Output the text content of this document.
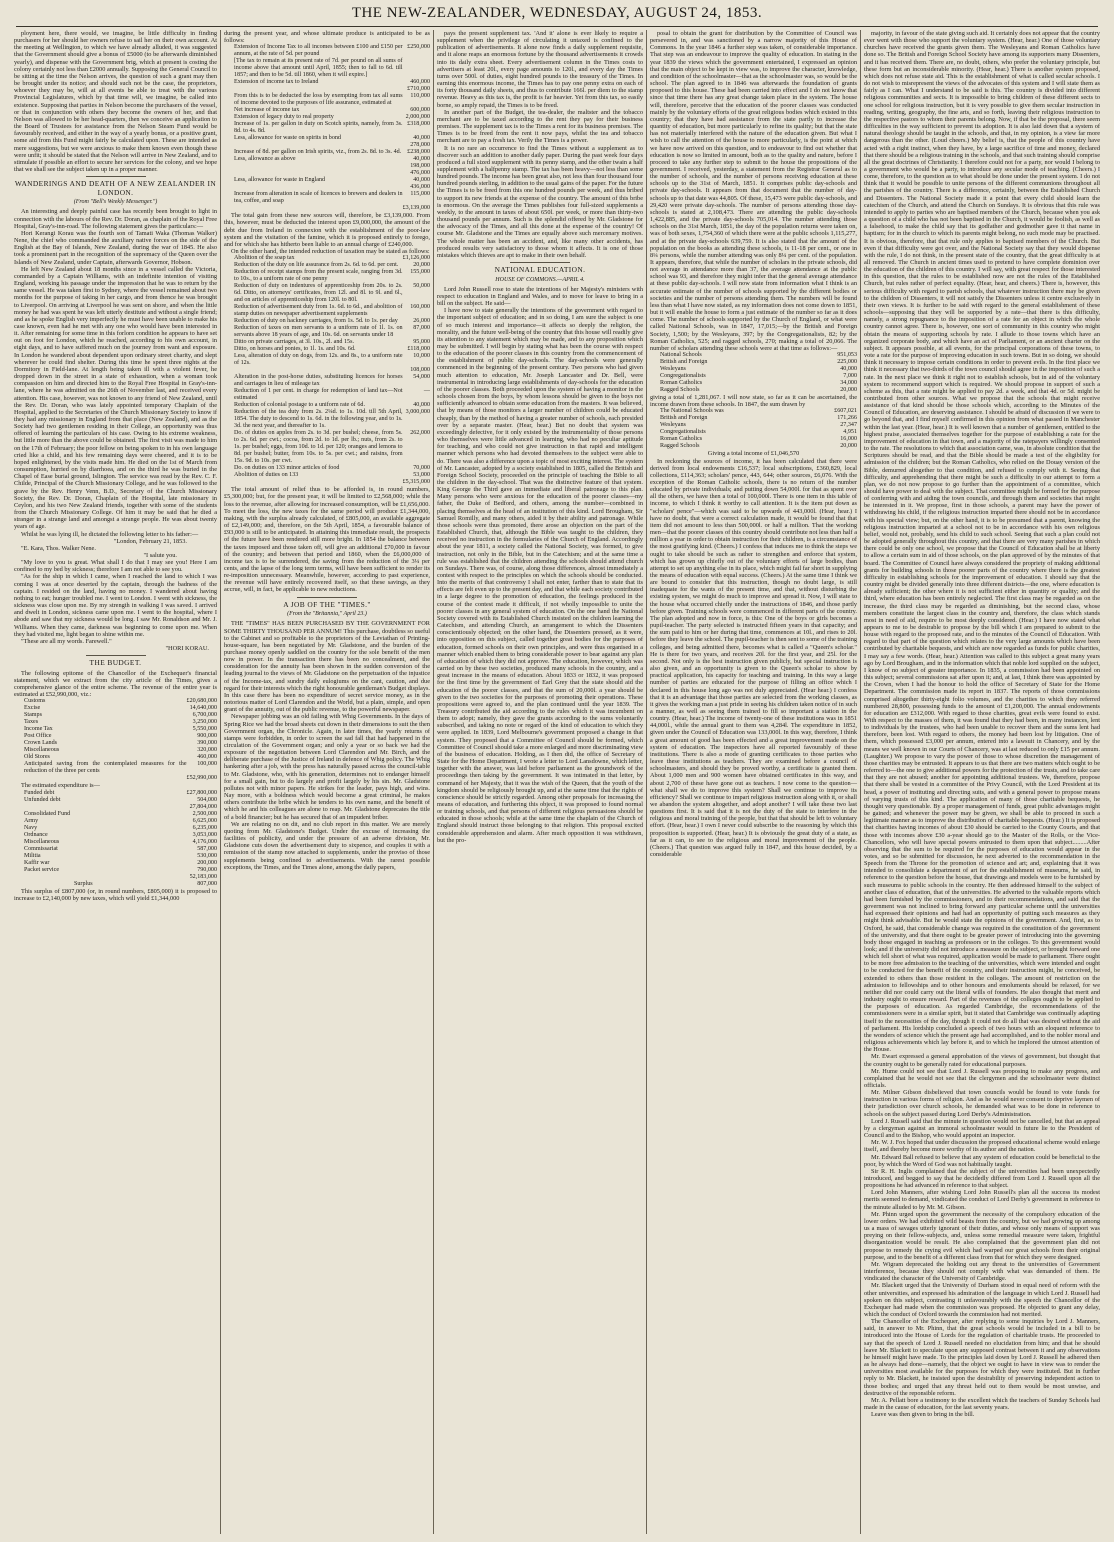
THE NEW-ZEALANDER, WEDNESDAY, AUGUST 24, 1853.

ployment here, there would, we imagine, be little difficulty in finding purchasers for her should her owners refuse to sail her on their own account. At the meeting at Wellington, to which we have already alluded, it was suggested that the Government should give a bonus of £5000 (to be afterwards diminished yearly), and dispense with the Government brig, which at present is costing the colony certainly not less than £2000 annually. Supposing the General Council to be sitting at the time the Nelson arrives, the question of such a grant may then be brought under its notice; and should such not be the case, the proprietors, whoever they may be, will at all events be able to treat with the various Provincial Legislatures, which by that time will, we imagine, be called into existence. Supposing that parties in Nelson become the purchasers of the vessel, or that in conjunction with others they become the owners of her, and that Nelson was allowed to be her head-quarters, then we conceive an application to the Board of Trustees for assistance from the Nelson Steam Fund would be favourably received, and either in the way of a yearly bonus, or a positive grant, some aid from this Fund might fairly be calculated upon. These are intended as mere suggestions, but we were anxious to make them known even though these were unfit; it should be stated that the Nelson will arrive in New Zealand, and to stimulate if possible an effort to secure her services for the colony, and we hope that we shall see the subject taken up in a proper manner.

WANDERINGS AND DEATH OF A NEW ZEALANDER IN LONDON.
(From "Bell's Weekly Messenger.")

An interesting and deeply painful case has recently been brought to light in connection with the labours of the Rev. Dr. Doran, as chaplain of the Royal Free Hospital, Gray's-inn-road. The following statement gives the particulars:—

Hori Kerangi Korau was the fourth son of Tamati Waka (Thomas Walker) Nene, the chief who commanded the auxiliary native forces on the side of the English at the Bay of Islands, New Zealand, during the war of 1845. He also took a prominent part in the recognition of the supremacy of the Queen over the Islands of New Zealand, under Captain, afterwards Governor, Hobson.

He left New Zealand about 18 months since in a vessel called the Victoria, commanded by a Captain Williams, with an indefinite intention of visiting England, working his passage under the impression that he was to return by the same vessel. He was taken first to Sydney, where the vessel remained about two months for the purpose of taking in her cargo, and from thence he was brought to Liverpool. On arriving at Liverpool he was sent on shore, and when the little money he had was spent he was left utterly destitute and without a single friend; and as he spoke English very imperfectly he must have been unable to make his case known, even had he met with any one who would have been interested in it. After remaining for some time in this forlorn condition he appears to have set out on foot for London, which he reached, according to his own account, in eight days, and to have suffered much on the journey from want and exposure. In London he wandered about dependent upon ordinary street charity, and slept wherever he could find shelter. During this time he spent three nights at the Dormitory in Field-lane. At length being taken ill with a violent fever, he dropped down in the street in a state of exhaustion, when a woman took compassion on him and directed him to the Royal Free Hospital in Gray's-inn-lane, where he was admitted on the 26th of November last, and received every attention. His case, however, was not known to any friend of New Zealand, until the Rev. Dr. Doran, who was lately appointed temporary Chaplain of the Hospital, applied to the Secretaries of the Church Missionary Society to know if they had any missionary in England from that place (New Zealand), and as the Society had two gentlemen residing in their College, an opportunity was thus offered of learning the particulars of his case. Owing to his extreme weakness, but little more than the above could be obtained. The first visit was made to him on the 17th of February; the poor fellow on being spoken to in his own language cried like a child, and his few remaining days were cheered, and it is to be hoped enlightened, by the visits made him. He died on the 1st of March from consumption, hurried on by diarrhoea, and on the third he was buried in the Chapel of Ease burial ground, Islington. The service was read by the Rev. C. F. Childe, Principal of the Church Missionary College, and he was followed to the grave by the Rev. Henry Venn, B.D., Secretary of the Church Missionary Society, the Rev. Dr. Doran, Chaplain of the Hospital, late missionary in Ceylon, and his two New Zealand friends, together with some of the students from the Church Missionary College. Of him it may be said that he died a stranger in a strange land and amongst a strange people. He was about twenty years of age.

Whilst he was lying ill, he dictated the following letter to his father:—

"London, February 21, 1853.

"E. Kara, Thos. Walker Nene.

"I salute you.

"My love to you is great. What shall I do that I may see you! Here I am confined to my bed by sickness; therefore I am not able to see you.

"As for the ship in which I came, when I reached the land to which I was coming I was at once deserted by the captain, through the badness of the captain. I resided on the land, having no money. I wandered about having nothing to eat; hunger troubled me. I went to London. I went with sickness, the sickness was close upon me. By my strength in walking I was saved. I arrived and dwelt in London, sickness came upon me. I went to the hospital, where I abode and saw that my sickness would be long. I saw Mr. Ronaldson and Mr. J. Williams. When they came, darkness was beginning to come upon me. When they had visited me, light began to shine within me.

"These are all my words. Farewell."

"HORI KORAU.
THE BUDGET.

The following epitome of the Chancellor of the Exchequer's financial statement, which we extract from the city article of the Times, gives a comprehensive glance of the entire scheme. The revenue of the entire year is estimated at £52,990,000, viz.:

Customs	£20,680,000
Excise	14,640,000
Stamps	6,700,000
Taxes	3,250,000
Income Tax	5,550,000
Post Office	900,000
Crown Lands	390,000
Miscellaneous	320,000
Old Stores	460,000
Anticipated saving from the contemplated measures for the reduction of the three per cents	100,000
	£52,990,000

The estimated expenditure is—

Funded debt	£27,800,000
Unfunded debt	504,000
	27,804,000
Consolidated Fund	2,500,000
Army	6,625,000
Navy	6,235,000
Ordnance	3,053,000
Miscellaneous	4,176,000
Commissariat	587,000
Militia	530,000
Kaffir war	200,000
Packet service	790,000
	52,183,000
Surplus	807,000

This surplus of £807,000 (or, in round numbers, £805,000) it is proposed to increase to £2,140,000 by new taxes, which will yield £1,344,000

during the present year, and whose ultimate produce is anticipated to be as follows:

Extension of Income Tax to all incomes between £100 and £150 per annum, at the rate of 5d. per pound	£250,000
[The tax to remain at its present rate of 7d. per pound on all sums of income above that amount until April, 1855; then to fall to 6d. till 1857; and then to be 5d. till 1860, when it will expire.]	
Extension of income tax to Ireland	460,000
	£710,000
From this is to be deducted the loss by exempting from tax all sums of income devoted to the purposes of life assurance, estimated at	110,000
Net increase of income tax	600,000
Extension of legacy duty to real property	2,000,000
Increase of 1s. per gallon in duty on Scotch spirits, namely, from 3s. 8d. to 4s. 8d.	£318,000
Less, allowance for waste on spirits in bond	40,000
	278,000
Increase of 8d. per gallon on Irish spirits, viz., from 2s. 8d. to 3s. 4d.	£238,000
Less, allowance as above	40,000
	198,000
	476,000
Less, allowance for waste in England	40,000
	436,000
Increase from alteration in scale of licences to brewers and dealers in tea, coffee, and soap	115,000
	£3,139,000

The total gain from these new sources will, therefore, be £3,139,000. From this, however, must be deducted the interest upon £9,000,000, the amount of the debt due from Ireland in connexion with the establishment of the poor-law system and the visitation of the famine, which it is proposed entirely to forego, and for which she has hitherto been liable to an annual charge of £240,000.

On the other hand, the intended reduction of taxation may be stated as follows:

Abolition of the soap tax	£1,126,000
Reduction of the duty on life assurance from 2s. 6d. to 6d. per cent.	20,000
Reduction of receipt stamps from the present scale, ranging from 3d. to 10s., to a uniform rate of one penny	155,000
Reduction of duty on indentures of apprenticeship from 20s. to 2s. 6d. Ditto, on attorneys' certificates, from 12l. and 8l. to 9l. and 6l., and on articles of apprenticeship from 120l. to 80l.	50,000
Reduction of advertisement duty from 1s. 6d. to 6d., and abolition of stamp duties on newspaper advertisement supplements	160,000
Reduction of duty on hackney carriages, from 1s. 5d. to 1s. per day	26,000
Reduction of taxes on men servants to a uniform rate of 1l. 1s. on servants above 18 years of age, and 10s. 6d. on servants under 18	87,000
Ditto on private carriages, at 3l. 10s., 2l. and 15s.	95,000
Ditto, on horses and ponies, to 1l. 1s. and 10s. 6d.	£118,000
Less, alteration of duty on dogs, from 12s. and 8s., to a uniform rate of 12s.	10,000
	108,000
Alteration in the post-horse duties, substituting licences for horses and carriages in lieu of mileage tax	54,000
Reduction of 1 per cent. in charge for redemption of land tax—Not estimated	—
Reduction of colonial postage to a uniform rate of 6d.	40,000
Reduction of the tea duty from 2s. 2¼d. to 1s. 10d. till 5th April, 1854. The duty to descend to 1s. 6d. in the following year, and to 1s. 3d. the next year, and thereafter to 1s.	3,000,000
Do. of duties on apples from 2s. to 3d. per bushel; cheese, from 5s. to 2s. 6d. per cwt.; cocoa, from 2d. to 1d. per lb.; nuts, from 2s. to 1s. per bushel; eggs, from 10d. to 1d. per 120; oranges and lemons to 8d. per bushel; butter, from 10s. to 5s. per cwt.; and raisins, from 15s. 9d. to 10s. per cwt.	262,000
Do. on duties on 133 minor articles of food	70,000
Abolition of duties on 133	53,000
	£5,315,000

The total amount of relief thus to be afforded is, in round numbers, £5,300,000; but, for the present year, it will be limited to £2,568,000; while the loss to the revenue, after allowing for increased consumption, will be £1,656,000. To meet the loss, the new taxes for the same period will produce £1,344,000, making, with the surplus already calculated, of £805,000, an available aggregate of £2,149,000; and, therefore, on the 5th April, 1854, a favourable balance of £93,000 is still to be anticipated. In attaining this immediate result, the prospects of the future have been rendered still more bright. In 1854 the balance between the taxes imposed and those taken off, will give an additional £70,000 in favour of the country; and between that period and 1860, when the £6,000,000 of income tax is to be surrendered, the saving from the reduction of the 3¼ per cents, and the lapse of the long term terms, will have been sufficient to render its re-imposition unnecessary. Meanwhile, however, according to past experience, the revenue will have entirely recovered itself, so that these savings, as they accrue, will, in fact, be applicable to new reductions.

A JOB OF THE "TIMES."
(From the "Britannia," April 23.)

THE "TIMES" HAS BEEN PURCHASED BY THE GOVERNMENT FOR SOME THIRTY THOUSAND PER ANNUM! This purchase, doubtless so useful to the Cabinet and so profitable to the proprietors of the Leviathan of Printing-house-square, has been negotiated by Mr. Gladstone, and the burden of the purchase money openly saddled on the country for the sole benefit of the men now in power. In the transaction there has been no concealment, and the consideration for the annuity has been shown in the sudden conversion of the leading journal to the views of Mr. Gladstone on the perpetuation of the injustice of the Income-tax, and sundry daily eulogiums on the cant, caution, and due regard for their interests which the right honourable gentleman's Budget displays. In this case there has been no expenditure of secret service money, as in the notorious matter of Lord Clarendon and the World, but a plain, simple, and open grant of the annuity, out of the public revenue, to the powerful newspaper.

Newspaper jobbing was an old failing with Whig Governments. In the days of Spring Rice we had the broad sheets cut down in their dimensions to suit the then Government organ, the Chronicle. Again, in later times, the yearly returns of stamps were forbidden, in order to screen the sad fall that had happened in the circulation of the Government organ; and only a year or so back we had the exposure of the negotiation between Lord Clarendon and Mr. Birch, and the deliberate purchase of the Justice of Ireland in defence of Whig policy. The Whig hankering after a job, with the press has naturally passed across the council-table to Mr. Gladstone, who, with his generation, determines not to endanger himself for a small gain, but to do largely and profit largely by his sin. Mr. Gladstone pollutes not with minor papers. He strikes for the leader, pays high, and wins. Nay more, with a boldness which would become a great criminal, he makes others contribute the bribe which he tenders to his own name, and the benefit of which he and his colleagues are alone to reap. Mr. Gladstone deprecates the title of a bold financier; but he has secured that of an impudent briber.

We are relating no on dit, and no club report in this matter. We are merely quoting from Mr. Gladstone's Budget. Under the excuse of increasing the facilities of publicity, and under the pressure of an adverse division, Mr. Gladstone cuts down the advertisement duty to sixpence, and couples it with a remission of the stamp now attached to supplements, under the proviso of those supplements being confined to advertisements. With the rarest possible exceptions, the Times, and the Times alone, among the daily papers,

pays the present supplement tax. 'And it' alone is ever likely to require a supplement when the privilege of circulating it untaxed is confined to the publication of advertisements. It alone now finds a daily supplement requisite, and it alone reaps an enormous fortune by the thousand advertisements it crowds into its daily extra sheet. Every advertisement column in the Times costs to advertisers at least 20l., every page amounts to 120l., and every day the Times turns over 500l. of duties, eight hundred pounds to the treasury of the Times. In earning this enormous income, the Times has to pay one penny extra on each of its forty thousand daily sheets, and thus to contribute 166l. per diem to the stamp revenue. Heavy as this tax is, the profit is far heavier. Yet from this tax, so easily borne, so amply repaid, the Times is to be freed.

In another part of the Budget, the tea-dealer, the maltster and the tobacco merchant are to be taxed according to the rent they pay for their business premises. The supplement tax is to the Times a rent for its business premises. The Times is to be freed from the rent it now pays, whilst the tea and tobacco merchant are to pay a fresh tax. Verily the Times is a power.

It is no rare an occurrence to find the Times without a supplement as to discover such an addition to another daily paper. During the past week four days produced a full sized supplement with its penny stamp, and the other twain a half supplement with a halfpenny stamp. The tax has been heavy—not less than some hundred pounds. The income has been great also, not less than four thousand four hundred pounds sterling, in addition to the usual gains of the paper. For the future the Times is to be freed from this one hundred pounds per week, and thus bribed to support its new friends at the expense of the country. The amount of this bribe is enormous. On the average the Times publishes four full-sized supplements a weekly, to the amount in taxes of about 650l. per week, or more than thirty-two thousand pounds per annum. Such is the splendid offered by Mr. Gladstone for the advocacy of the Times, and all this done at the expense of the country! Of course Mr. Gladstone and the Times are equally above such mercenary motives. The whole matter has been an accident, and, like many other accidents, has produced results very satisfactory to those whom it affects. It is one of those mistakes which thieves are apt to make in their own behalf.

NATIONAL EDUCATION.
HOUSE OF COMMONS.—APRIL 4.

Lord John Russell rose to state the intentions of her Majesty's ministers with respect to education in England and Wales, and to move for leave to bring in a bill on the subject. He said—

I have now to state generally the intentions of the government with regard to the important subject of education; and in so doing, I am sure the subject is one of so much interest and importance—it affects so deeply the religion, the morality, and the future well-being of the country that this house will readily give its attention to any statement which may be made, and to any proposition which may be submitted. I will begin by stating what has been the course with respect to the education of the poorer classes in this country from the commencement of the establishment of public day-schools. The day-schools were generally commenced in the beginning of the present century. Two persons who had given much attention to education, Mr. Joseph Lancaster and Dr. Bell, were instrumental in introducing large establishments of day-schools for the education of the poorer classes. Both proceeded upon the system of having a monitor in the schools chosen from the boys, by whom lessons should be given to the boys not sufficiently advanced to obtain some education from the masters. It was believed, that by means of those monitors a larger number of children could be educated cheaply, than by the method of having a greater number of schools, each presided over by a separate master. (Hear, hear.) But no doubt that system was exceedingly defective, for it only existed by the instrumentality of those persons who themselves were little advanced in learning, who had no peculiar aptitude for teaching, and who could not give instruction in that rapid and intelligent manner which persons who had devoted themselves to the subject were able to do. There was also a difference upon a topic of most exciting interest. The system of Mr. Lancaster, adopted by a society established in 1805, called the British and Foreign School Society, proceeded on the principle of teaching the Bible to all the children in the day-school. That was the distinctive feature of that system. King George the Third gave an immediate and liberal patronage to this plan. Many persons who were anxious for the education of the poorer classes—my father, the Duke of Bedford, and others, among the number—combined in placing themselves at the head of an institution of this kind. Lord Brougham, Sir Samuel Romilly, and many others, aided it by their ability and patronage. While those schools were thus promoted, there arose an objection on the part of the Established Church, that, although the Bible was taught to the children, they received no instruction in the formularies of the Church of England. Accordingly about the year 1811, a society called the National Society, was formed, to give instruction, not only in the Bible, but in the Catechism; and at the same time a rule was established that the children attending the schools should attend church on Sundays. There was, of course, along those differences, almost immediately a contest with respect to the principles on which the schools should be conducted. Into the merits of that controversy I shall not enter, farther than to state that its effects are felt even up to the present day, and that while each society contributed in a large degree to the promotion of education, the feelings produced in the course of the contest made it difficult, if not wholly impossible to unite the poorer classes in any general system of education. On the one hand the National Society covered with its Established Church insisted on the children learning the Catechism, and attending Church, an arrangement to which the Dissenters conscientiously objected; on the other hand, the Dissenters pressed, as it were, into opposition on this subject, called together great bodies for the purposes of education, formed schools on their own principles, and were thus organised in a manner which enabled them to bring considerable power to bear against any plan of education of which they did not approve. The education, however, which was carried on by these two societies, produced many schools in the country, and a great increase in the means of education. About 1833 or 1832, it was proposed for the first time by the government of Earl Grey that the state should aid the education of the poorer classes, and that the sum of 20,000l. a year should be given to the two societies for the purposes of promoting their operations. These propositions were agreed to, and the plan continued until the year 1839. The Treasury contributed the aid according to the rules which it was incumbent on them to adopt; namely, they gave the grants according to the sums voluntarily subscribed, and taking no note or regard of the kind of education to which they were applied. In 1839, Lord Melbourne's government proposed a change in that system. They proposed that a Committee of Council should be formed, which Committee of Council should take a more enlarged and more discriminating view of the business of education. Holding, as I then did, the office of Secretary of State for the Home Department, I wrote a letter to Lord Lansdowne, which letter, together with the answer, was laid before parliament as the groundwork of the proceedings then taking by the government. It was intimated in that letter, by command of her Majesty, that it was the wish of the Queen, that the youth of the kingdom should be religiously brought up, and at the same time that the rights of conscience should be strictly regarded. Among other proposals for increasing the means of education, and furthering this object, it was proposed to found normal or training schools, and that persons of different religious persuasions should be educated in those schools; while at the same time the chaplain of the Church of England should instruct those belonging to that religion. This proposal excited considerable apprehension and alarm. After much opposition it was withdrawn, but the pro-

posal to obtain the grant for distribution by the Committee of Council was persevered in, and was sanctioned by a narrow majority of this House of Commons. In the year 1846 a further step was taken, of considerable importance. That step was an endeavour to improve the quality of education. In stating in the year 1839 the views which the government entertained, I expressed an opinion that the main object to be kept in view was, to improve the character, knowledge, and condition of the schoolmaster—that as the schoolmaster was, so would be the school. The plan agreed to in 1846 was afterwards the foundation of grants proposed to this house. These had been carried into effect and I do not know that since that time there has any great change taken place in the system. The house will, therefore, perceive that the education of the poorer classes was conducted mainly by the voluntary efforts of the great religious bodies which existed in this country; that they have had assistance from the state partly to increase the quantity of education, but more particularly to refine its quality; but that the state has not materially interfered with the nature of the education given. But what I wish to call the attention of the house to more particularly, is the point at which we have now arrived on this question, and to endeavour to find out whether that education is now so limited in amount, both as to the quality and nature, before I proceed to take any further step to submit to the house the propositions of the government. I received, yesterday, a statement from the Registrar General as to the number of schools, and the number of persons receiving education at these schools up to the 31st of March, 1851. It comprises public day-schools and private day-schools. It appears from that document that the number of day-schools up to that date was 44,805. Of these, 15,473 were public day-schools, and 29,420 were private day-schools. The number of persons attending those day-schools is stated at 2,108,473. There are attending the public day-schools 1,422,885, and the private day-schools 705,014. The number attending those schools on the 31st March, 1851, the day of the population returns were taken on, was of both sexes, 1,754,360 of which there were at the public schools 1,115,277, and at the private day-schools 639,759. It is also stated that the amount of the population on the books as attending these schools, is 11-18 per cent., or one in 8¼ persons, while the number attending was only 8¼ per cent. of the population. It appears, therefore, that while the number of scholars in the private schools, did not average in attendance more than 37, the average attendance at the public school was 93, and therefore they might infer that the general average attendance at these public day-schools. I will now state from information what I think is an accurate estimate of the number of schools supported by the different bodies or societies and the number of persons attending them. The numbers will be found less than what I have now stated, as my information does not come down to 1851, but it will enable the house to form a just estimate of the number so far as it does come. The number of schools supported by the Church of England, or what were called National Schools, was in 1847, 17,015;—by the British and Foreign Society, 1,500; by the Wesleyans, 397; by the Congregationalists, 82; by the Roman Catholics, 525; and ragged schools, 270; making a total of 20,066. The number of scholars attending these schools were at that time as follows:—

National Schools	951,053
British and Foreign	225,000
Wesleyans	40,000
Congregationalists	7,000
Roman Catholics	34,000
Ragged Schools	20,000

giving a total of 1,281,067. I will now state, so far as it can be ascertained, the income drawn from these schools. In 1847, the sum drawn by

The National Schools was	£607,021
British and Foreign	171,266
Wesleyans	27,347
Congregationalists	4,951
Roman Catholics	16,000
Ragged Schools	20,000
Giving a total income of £1,046,570

In reckoning the sources of income, it has been calculated that there were derived from local endowments £16,537; local subscriptions, £360,829, local collections, £114,363; scholars' pence, 443, 644; other sources, £6,076. With the exception of the Roman Catholic schools, there is no return of the number educated by private individuals; and putting down 54,000l. for that as spent over all the others, we have then a total of 100,000l. There is one item in this table of income, to which I think it worthy to call attention. It is the item put down as "scholars' pence"—which was said to be upwards of 443,000l. (Hear, hear.) I have no doubt, that were a correct calculation made, it would be found that that item did not amount to less than 500,000l. or half a million. That the working men—that the poorer classes of this country should contribute not less than half a million a year in order to obtain instruction for their children, is a circumstance of the most gratifying kind. (Cheers.) I confess that induces me to think the steps we ought to take should be such as rather to strengthen and enforce that system, which has grown up chiefly out of the voluntary efforts of large bodies, than attempt to set up anything else in its place, which might fail far short in supplying the means of education with equal success. (Cheers.) At the same time I think we are bound to consider that this instruction, though no doubt large, is still inadequate for the wants of the present time, and that, without disturbing the existing system, we might do much to improve and spread it. Now, I will state to the house what occurred chiefly under the instructions of 1846, and those partly before given. Training schools were commenced in different parts of the country. The plan adopted and now in force, is this: One of the boys or girls becomes a pupil-teacher. The party selected is instructed fifteen years in that capacity; and the sum paid to him or her during that time, commences at 10l., and rises to 20l. before they leave the school. The pupil-teacher is then sent to some of the training colleges, and being admitted there, becomes what is called a "Queen's scholar." He is there for two years, and receives 20l. for the first year, and 25l. for the second. Not only is the best instruction given publicly, but special instruction is also given, and an opportunity is given to the Queen's scholar to show by practical application, his capacity for teaching and training. In this way a large number of parties are educated for the purpose of filling an office which I declared in this house long ago was not duly appreciated. (Hear hear.) I confess that it is an advantage that those parties are selected from the working classes, as it gives the working man a just pride in seeing his children taken notice of in such a manner, as well as seeing them trained to fill so important a station in the country. (Hear, hear.) The income of twenty-one of these institutions was in 1851 44,000l., while the annual grant to them was 4,284l. The expenditure in 1852, given under the Council of Education was 133,000l. In this way, therefore, I think a great amount of good has been effected and a great improvement made on the system of education. The inspectors have all reported favourably of these institutions. There is also a mode of granting certificates to those parties who leave these institutions as teachers. They are examined before a council of schoolmasters, and should they be proved worthy, a certificate is granted them. About 1,000 men and 900 women have obtained certificates in this way, and about 2,700 of these have gone out as teachers. I now come to the question—what shall we do to improve this system? Shall we continue to improve its efficiency? Shall we continue to impart religious instruction along with it, or shall we abandon the system altogether, and adopt another? I will take these two last questions first. It is said that it is not the duty of the state to interfere in the religious and moral training of the people, but that that should be left to voluntary effort. (Hear, hear.) I own I never could subscribe to the reasoning by which this proposition is supported. (Hear, hear.) It is obviously the great duty of a state, as far as it can, to see to the religious and moral improvement of the people. (Cheers.) That question was argued fully in 1847, and this house decided, by a considerable

majority, in favour of the state giving such aid. It certainly does not appear that the country ever went with those who support the voluntary system. (Hear, hear.) One of those voluntary churches have received the grants given them. The Wesleyans and Roman Catholics have done so. The British and Foreign School Society have among its supporters many Dissenters, and it has received them. There are, no doubt, others, who prefer the voluntary principle, but these form but an inconsiderable minority. (Hear, hear.) There is another system proposed, which does not refuse state aid. This is the establishment of what is called secular schools. I do not wish to misrepresent the views of the advocates of this system and I will state them as fairly as I can. What I understand to be said is this. The country is divided into different religious communities and sects. It is impossible to bring children of these different sects to one school for religious instruction, but it is very possible to give them secular instruction in reading, writing, geography, the fine arts, and so forth, leaving their religious instruction to the respective pastors to whom their parents belong. Now, if that be the proposal, there seem difficulties in the way sufficient to prevent its adoption. It is also laid down that a system of natural theology should be taught in the schools, and that, in my opinion, is a view far more dangerous than the other. (Loud cheers.) My belief is, that the people of this country have acted with a right instinct, when they have, by a large sacrifice of time and money, declared that there should be a religious training in the schools, and that such training should comprise all the great doctrines of Christianity. I therefore could not for a party, nor would I belong to a government who would be a party, to introduce any secular mode of teaching. (Cheers.) I come, therefore, to the question as to what should be done under the present system. I do not think that it would be possible to unite persons of the different communions throughout all the parishes of the country. There is a difference, certainly, between the Established Church and Dissenters. The National Society made it a point that every child should learn the catechism of the Church, and attend the Church on Sundays. It is obvious that this rule was intended to apply to parties who are baptised members of the Church, because when you ask a question of a child who has not been baptised in the Church, it would be foolish, as well as a falsehood, to make the child say that its godfather and godmother gave it that name in baptism; for in the church to which its parents might belong, no such mode may be practised. It is obvious, therefore, that that rule only applies to baptised members of the Church. But even if that difficulty were got over, and the National Society say that they would dispense with the rule, I do not think, in the present state of the country, that the great difficulty is at all removed. The Church in ancient times used to pretend to have complete dominion over the education of the children of this country. I will say, with great respect for those interested in this question, that the rules to be established now are not the rules of the Established Church, but rules rather of perfect equality. (Hear, hear, and cheers.) There is, however, this serious difficulty with regard to parish schools, that whatever instruction there may be given to the children of Dissenters, it will not satisfy the Dissenters unless it centre exclusively in their own views. It is further to be said with regard to the general establishment of these schools—supposing that they will be supported by a rate—that there is this difficulty, namely, a strong repugnance to the imposition of a rate for an object in which the whole country cannot agree. There is, however, one sort of community in this country who might obtain the means of supporting schools by rate. I allude to those towns which have an organized corporate body, and which have an act of Parliament, or an ancient charter on the subject. It appears possible, at all events, for the principal corporations of these towns, to vote a rate for the purpose of improving education in such towns. But in so doing, we should think it necessary to impose certain conditions in order to prevent evils. In the first place we think it necessary that two-thirds of the town council should agree in the imposition of such a rate. In the next place we think it right not to establish schools, but in aid of the voluntary system to recommend support which is required. We should propose in support of such a scheme as this, that a rate might be applied to pay 2d. a week, and that 4d. or 5d. might be contributed from other sources. What we propose that the schools that might receive assistance of that kind should be those schools which, according to the Minutes of the Council of Education, are deserving assistance. I should be afraid of discussion if we were to go beyond that, and I find myself confirmed in this opinion from what passed in Manchester within the last year. (Hear, hear.) It is well known that a number of gentlemen, entitled to the highest praise, associated themselves together for the purpose of establishing a rate for the improvement of education in that town, and a majority of the ratepayers willingly consented to the rate. The resolutions to which that association came, was, in absolute condition that the Scriptures should be read, and that the Bible should be made a test of the eligibility for admission of the children; but the Roman Catholics, who relied on the Douay version of the Bible, demurred altogether to that condition, and refused to comply with it. Seeing that difficulty, and apprehending that there might be such a difficulty in our attempt to form a plan, we do not now propose to go further than the appointment of a committee, which should have power to deal with the subject. That committee might be formed for the purpose of conferring with and aiding the town councils, and through them and societies that might be interested in it. We propose, first in those schools, a parent may have the power of withdrawing his child, if the religious instruction imparted there should not be in accordance with his special view; but, on the other hand, it is to be presumed that a parent, knowing the religious instruction imparted at a school not to be in accordance with his own religious belief, would not, probably, send his child to such school. Seeing that such a plan could not be adopted generally throughout this country, and that there are very many parishes in which there could be only one school, we propose that the Council of Education shall be at liberty to allow a certain sum in aid of those schools, on the plan approved of by the minutes of that board. The Committee of Council have always considered the propriety of making additional grants for building schools in those poorer parts of the country where there is the greatest difficulty in establishing schools for the improvement of education. I should say that the country might be divided generally into three different districts—the one, where education is already sufficient; the other where it is not sufficient either in quantity or quality; and the third, where education has been entirely neglected. The first class may be regarded as on the increase, the third class may be regarded as diminishing, but the second class, whose members constitute the largest class in the country and, therefore, the class which stands most in need of aid, require to be most deeply considered. (Hear.) I have now stated what appears to me to be desirable to propose by the bill which I am prepared to submit to the house with regard to the proposed rate, and to the minutes of the Council of Education. With regard to that part of the question which relates to the very large amounts which have been contributed by charitable bequests, and which are now regarded as funds for public charities, I may say a few words. (Hear, hear.) Attention was called to this subject a great many years ago by Lord Brougham, and in the information which that noble lord supplied on the subject, I know of no subject of greater importance. In 1835, a commission had been appointed on this subject; several commissions sat after upon it; and, at last, I think there was appointed by the Crown, when I had the honour to hold the office of Secretary of State for the Home Department. The commission made its report in 1837. The reports of those commissions comprised altogether thirty-eight folio volumes, and the charities to which they referred numbered 28,800, possessing funds to the amount of £1,200,000. The annual endowments for education are £312,000. With regard to those charities, great evils were found to exist. With respect to the masses of them, it was found that they had been, in many instances, lent to individuals by the trustees, who had been unable to recover them and the sums lent had therefore, been lost. With regard to others, the money had been lost by litigation. One of them, which possessed £3,000 per annum, entered into a lawsuit in Chancery, and by the means we well known in our Courts of Chancery, was at last reduced to only £15 per annum. (Laughter.) We propose to vary the power of those to whose discretion the management of those charities may be entrusted. It appears to us that there are two matters which ought to be referred to—the one to give additional powers for the protection of the trusts, and to take care that they are not abused; another for appointing additional trustees. We, therefore, propose that there shall be vested in a committee of the Privy Council, with the Lord President at its head, a power of instituting and directing suits, and with a general power to propose means of varying trusts of this kind. The application of many of those charitable bequests, he thought very questionable. By a proper management of funds, great public advantages might be gained; and whenever the power may be given, we shall be able to proceed in such a legitimate manner as to improve the distribution of charitable bequests. (Hear.) It is proposed that charities having incomes of about £30 should be carried to the County Courts, and that those with incomes above £30 a-year should go to the Master of the Rolls, or the Vice-Chancellors, who will have special powers entrusted to them upon that subject.........After observing that the sum to be required for the purposes of education would appear in the votes, and so be submitted for discussion, he next adverted to the recommendation in the Speech from the Throne for the promotion of science and art; and, explaining that it was intended to consolidate a department of art for the establishment of museums, he said, in reference to the question before the house, that drawings and models were to be furnished by such museums to public schools in the country. He then addressed himself to the subject of another class of education, that of the universities. He adverted to the valuable reports which had been furnished by the commissioners, and to their recommendations, and said that the government was not inclined to bring forward any particular scheme until the universities had expressed their opinions and had had an opportunity of putting such measures as they might think advisable. But he would state the opinions of the government. And, first, as to Oxford, he said, that considerable change was required in the constitution of the government of the university, and that there ought to be greater power of introducing into the governing body those engaged in teaching as professors or in the colleges. To this government would look; and if the university did not introduce a measure on the subject, or brought forward one which fell short of what was required, application would be made to parliament. There ought to be more free admission to the teaching of the universities, which were intended and ought to be conducted for the benefit of the country, and their instruction might, he conceived, be extended to others than those resident in the colleges. The amount of restriction on the admission to fellowships and to other honours and emoluments should be relaxed, for we neither did nor could carry out the literal wills of founders. He also thought that merit and industry ought to ensure reward. Part of the revenues of the colleges ought to be applied to the purposes of education. As regarded Cambridge, the recommendations of the commissioners were in a similar spirit, but it stated that Cambridge was continually adapting itself to the necessities of the day, though it could not do all that was desired without the aid of parliament. His lordship concluded a speech of two hours with an eloquent reference to the wonders of science which the present age had accomplished, and to the nobler moral and religious achievements which lay before it, and to which he implored the utmost attention of the House.

Mr. Ewart expressed a general approbation of the views of government, but thought that the country ought to be generally rated for educational purposes.

Mr. Hume could not see that Lord J. Russell was proposing to make any progress, and complained that he would not see that the clergymen and the schoolmaster were distinct officials.

Mr. Milner Gibson disbelieved that town councils would be found to vote funds for instruction in various forms of religion. And as he would never consent to deprive laymen of their jurisdiction over church schools, he demanded what was to be done in reference to schools on the subject passed during Lord Derby's Administration.

Lord J. Russell said that the minute in question would not be cancelled, but that an appeal by a clergyman against an immoral schoolmaster would in future lie to the President of Council and to the Bishop, who would appoint an inspector.

Mr. W. J. Fox hoped that under discussion the proposed educational scheme would enlarge itself, and thereby become more worthy of its author and the nation.

Mr. Edward Ball refused to believe that any system of education could be beneficial to the poor, by which the Word of God was not habitually taught.

Sir R. H. Inglis complained that the subject of the universities had been unexpectedly introduced, and begged to say that he decidedly differed from Lord J. Russell upon all the propositions he had advanced in reference to that subject.

Lord John Manners, after wishing Lord John Russell's plan all the success its modest merits seemed to demand, vindicated the conduct of Lord Derby's government in reference to the minute alluded to by Mr. M. Gibson.

Mr. Phinn urged upon the government the necessity of the compulsory education of the lower orders. We had exhibited wild beasts from the country, but we had growing up among us a mass of savages utterly ignorant of their duties, and whose only means of support was preying on their fellow-subjects, and, unless some remedial measure were taken, frightful disorganization would be result. He also complained that the government plan did not propose to remedy the crying evil which had warped our great schools from their original purpose, and to the benefit of a different class from that for which they were designed.

Mr. Wigram deprecated the holding out any threat to the universities of Government interference, because they should not comply with what was demanded of them. He vindicated the character of the University of Cambridge.

Mr. Blackett urged that the University of Durham stood in equal need of reform with the other universities, and expressed his admiration of the language in which Lord J. Russell had spoken on this subject, contrasting it unfavourably with the speech the Chancellor of the Exchequer had made when the commission was proposed. He objected to grant any delay, which the conduct of Oxford towards the commission had not merited.

The Chancellor of the Exchequer, after replying to some inquiries by Lord J. Manners, said, in answer to Mr. Phinn, that the great schools would be included in a bill to be introduced into the House of Lords for the regulation of charitable trusts. He proceeded to say that the speech of Lord J. Russell needed no elucidation from him; and that he should leave Mr. Blackett to speculate upon any supposed contrast between it and any observations he himself might have made. To the principles laid down by Lord J. Russell he adhered then as he always had done—namely, that the object we ought to have in view was to render the universities most available for the purposes for which they were instituted. But in further reply to Mr. Blackett, he insisted upon the desirability of preserving independent action to those bodies; and urged that any threat held out to them would be most unwise, and destructive of the reponsible reform.

Mr. A. Pellatt bore a testimony to the excellent which the teachers of Sunday Schools had made in the cause of education, for the last seventy years.

Leave was then given to bring in the bill.
